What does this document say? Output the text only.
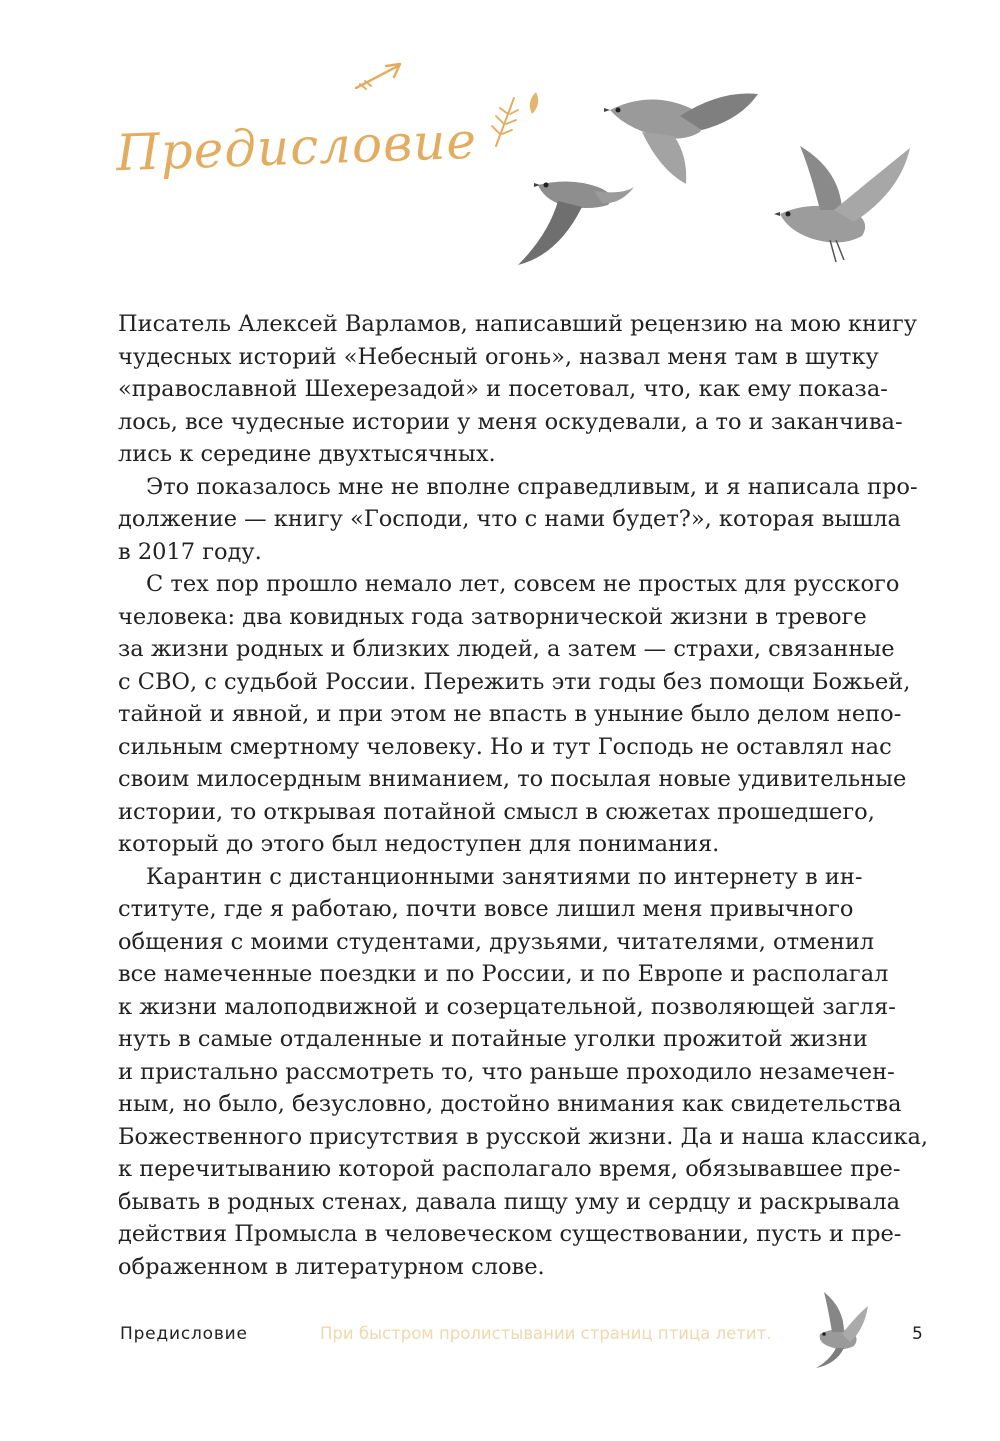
Предисловие

Писатель Алексей Варламов, написавший рецензию на мою книгу
чудесных историй «Небесный огонь», назвал меня там в шутку
«православной Шехерезадой» и посетовал, что, как ему показа-
лось, все чудесные истории у меня оскудевали, а то и заканчива-
лись к середине двухтысячных.

Это показалось мне не вполне справедливым, и я написала про-
должение — книгу «Господи, что с нами будет?», которая вышла
в 2017 году.

С тех пор прошло немало лет, совсем не простых для русского
человека: два ковидных года затворнической жизни в тревоге
за жизни родных и близких людей, а затем — страхи, связанные
с СВО, с судьбой России. Пережить эти годы без помощи Божьей,
тайной и явной, и при этом не впасть в уныние было делом непо-
сильным смертному человеку. Но и тут Господь не оставлял нас
своим милосердным вниманием, то посылая новые удивительные
истории, то открывая потайной смысл в сюжетах прошедшего,
который до этого был недоступен для понимания.

Карантин с дистанционными занятиями по интернету в ин-
ституте, где я работаю, почти вовсе лишил меня привычного
общения с моими студентами, друзьями, читателями, отменил
все намеченные поездки и по России, и по Европе и располагал
к жизни малоподвижной и созерцательной, позволяющей загля-
нуть в самые отдаленные и потайные уголки прожитой жизни
и пристально рассмотреть то, что раньше проходило незамечен-
ным, но было, безусловно, достойно внимания как свидетельства
Божественного присутствия в русской жизни. Да и наша классика,
к перечитыванию которой располагало время, обязывавшее пре-
бывать в родных стенах, давала пищу уму и сердцу и раскрывала
действия Промысла в человеческом существовании, пусть и пре-
ображенном в литературном слове.

Предисловие	При быстром пролистывании страниц птица летит.	5
